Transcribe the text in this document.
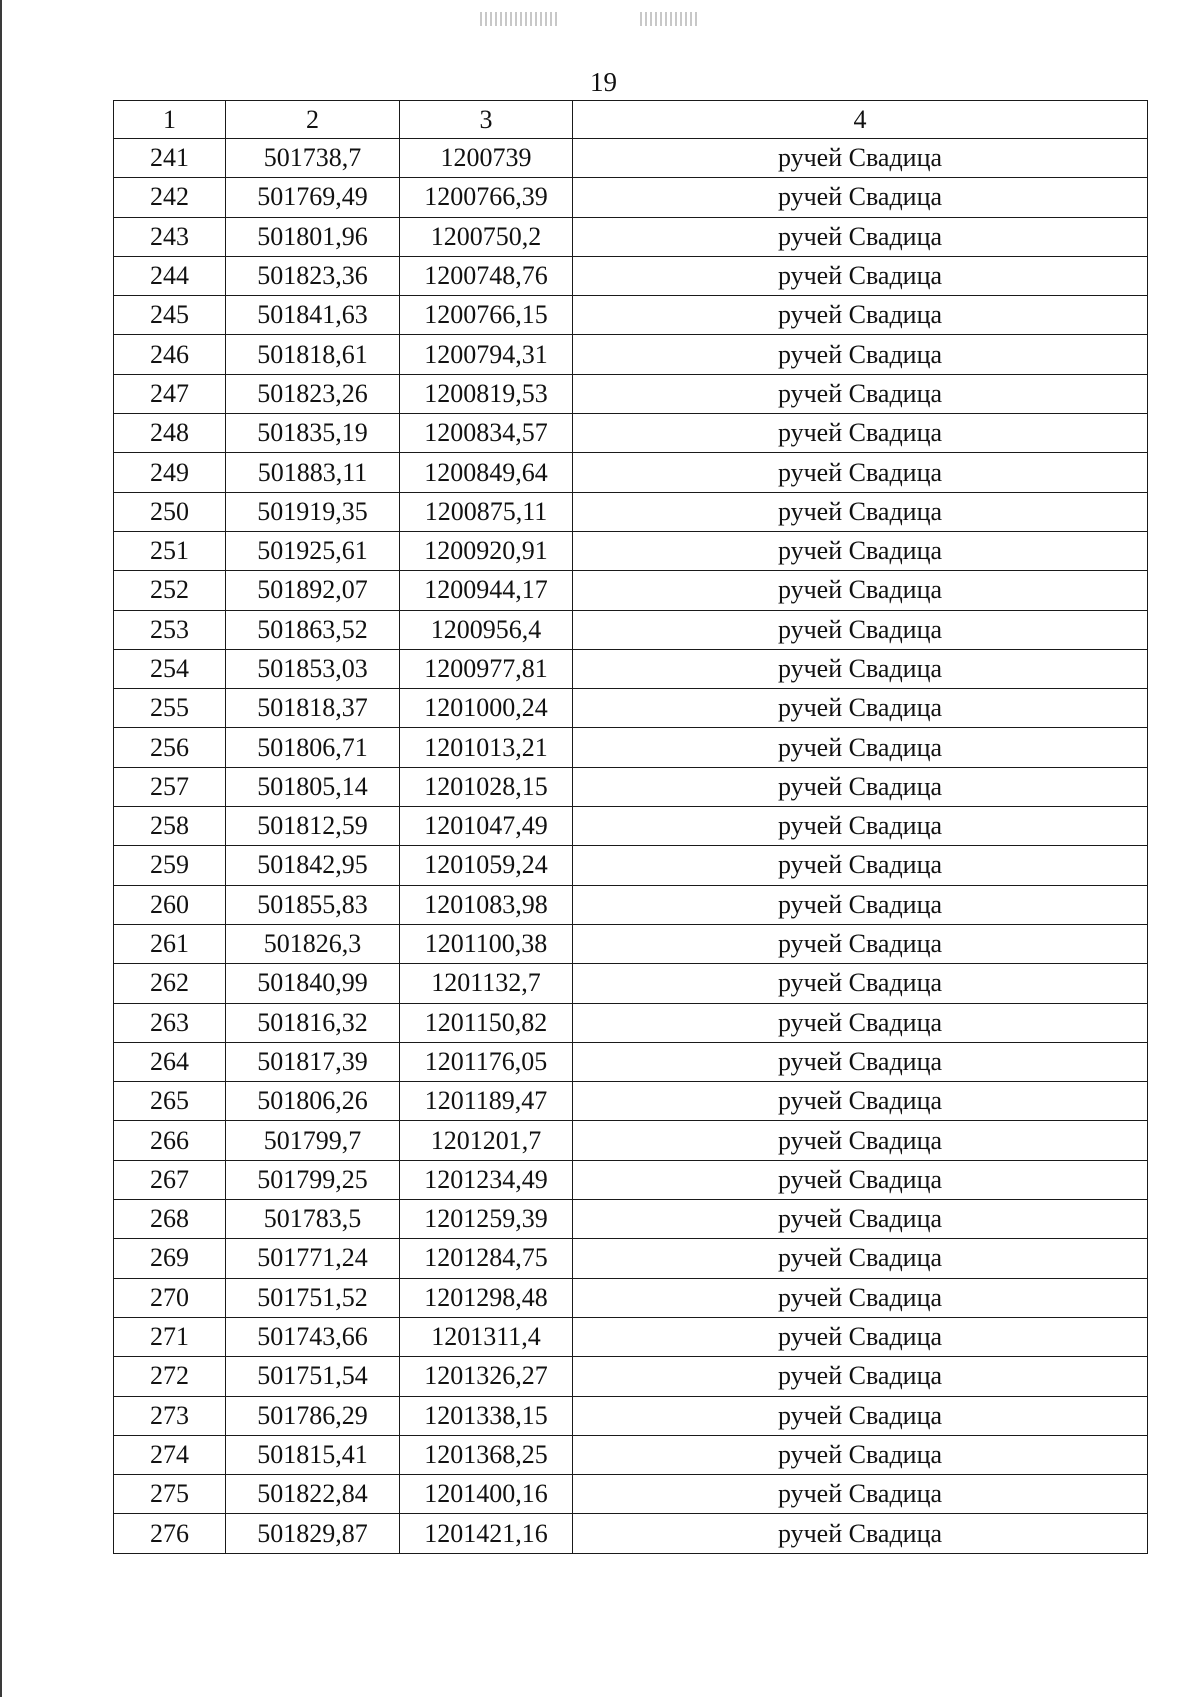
19
1	2	3	4
241	501738,7	1200739	ручей Свадица
242	501769,49	1200766,39	ручей Свадица
243	501801,96	1200750,2	ручей Свадица
244	501823,36	1200748,76	ручей Свадица
245	501841,63	1200766,15	ручей Свадица
246	501818,61	1200794,31	ручей Свадица
247	501823,26	1200819,53	ручей Свадица
248	501835,19	1200834,57	ручей Свадица
249	501883,11	1200849,64	ручей Свадица
250	501919,35	1200875,11	ручей Свадица
251	501925,61	1200920,91	ручей Свадица
252	501892,07	1200944,17	ручей Свадица
253	501863,52	1200956,4	ручей Свадица
254	501853,03	1200977,81	ручей Свадица
255	501818,37	1201000,24	ручей Свадица
256	501806,71	1201013,21	ручей Свадица
257	501805,14	1201028,15	ручей Свадица
258	501812,59	1201047,49	ручей Свадица
259	501842,95	1201059,24	ручей Свадица
260	501855,83	1201083,98	ручей Свадица
261	501826,3	1201100,38	ручей Свадица
262	501840,99	1201132,7	ручей Свадица
263	501816,32	1201150,82	ручей Свадица
264	501817,39	1201176,05	ручей Свадица
265	501806,26	1201189,47	ручей Свадица
266	501799,7	1201201,7	ручей Свадица
267	501799,25	1201234,49	ручей Свадица
268	501783,5	1201259,39	ручей Свадица
269	501771,24	1201284,75	ручей Свадица
270	501751,52	1201298,48	ручей Свадица
271	501743,66	1201311,4	ручей Свадица
272	501751,54	1201326,27	ручей Свадица
273	501786,29	1201338,15	ручей Свадица
274	501815,41	1201368,25	ручей Свадица
275	501822,84	1201400,16	ручей Свадица
276	501829,87	1201421,16	ручей Свадица
